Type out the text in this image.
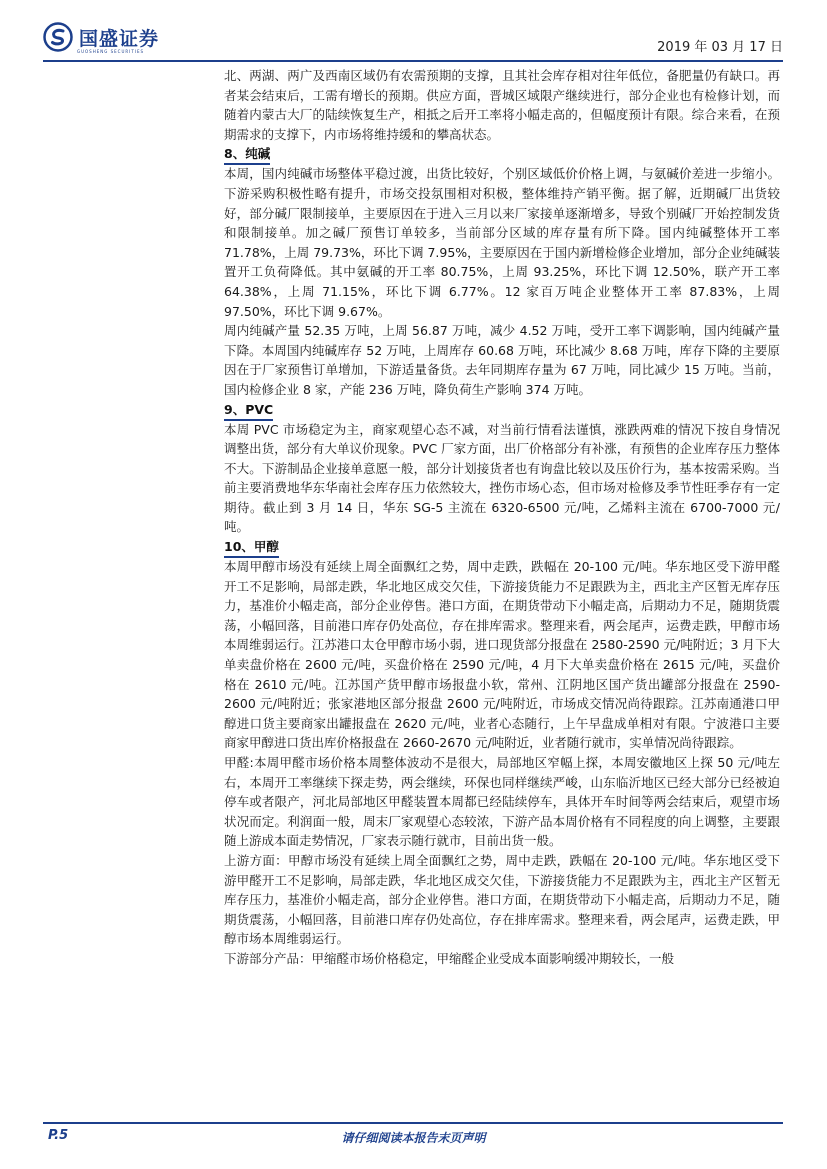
国盛证券
GUOSHENG SECURITIES	2019 年 03 月 17 日

北、两湖、两广及西南区域仍有农需预期的支撑，且其社会库存相对往年低位，备肥量仍有缺口。再者某会结束后，工需有增长的预期。供应方面，晋城区域限产继续进行，部分企业也有检修计划，而随着内蒙古大厂的陆续恢复生产，相抵之后开工率将小幅走高的，但幅度预计有限。综合来看，在预期需求的支撑下，内市场将维持缓和的攀高状态。

8、纯碱

本周，国内纯碱市场整体平稳过渡，出货比较好，个别区域低价价格上调，与氨碱价差进一步缩小。下游采购积极性略有提升，市场交投氛围相对积极，整体维持产销平衡。据了解，近期碱厂出货较好，部分碱厂限制接单，主要原因在于进入三月以来厂家接单逐渐增多，导致个别碱厂开始控制发货和限制接单。加之碱厂预售订单较多，当前部分区域的库存量有所下降。国内纯碱整体开工率 71.78%，上周 79.73%，环比下调 7.95%，主要原因在于国内新增检修企业增加，部分企业纯碱装置开工负荷降低。其中氨碱的开工率 80.75%，上周 93.25%，环比下调 12.50%，联产开工率 64.38%，上周 71.15%，环比下调 6.77%。12 家百万吨企业整体开工率 87.83%，上周 97.50%，环比下调 9.67%。

周内纯碱产量 52.35 万吨，上周 56.87 万吨，减少 4.52 万吨，受开工率下调影响，国内纯碱产量下降。本周国内纯碱库存 52 万吨，上周库存 60.68 万吨，环比减少 8.68 万吨，库存下降的主要原因在于厂家预售订单增加，下游适量备货。去年同期库存量为 67 万吨，同比减少 15 万吨。当前，国内检修企业 8 家，产能 236 万吨，降负荷生产影响 374 万吨。

9、PVC

本周 PVC 市场稳定为主，商家观望心态不减，对当前行情看法谨慎，涨跌两难的情况下按自身情况调整出货，部分有大单议价现象。PVC 厂家方面，出厂价格部分有补涨，有预售的企业库存压力整体不大。下游制品企业接单意愿一般，部分计划接货者也有询盘比较以及压价行为，基本按需采购。当前主要消费地华东华南社会库存压力依然较大，挫伤市场心态，但市场对检修及季节性旺季存有一定期待。截止到 3 月 14 日，华东 SG-5 主流在 6320-6500 元/吨，乙烯料主流在 6700-7000 元/吨。

10、甲醇

本周甲醇市场没有延续上周全面飘红之势，周中走跌，跌幅在 20-100 元/吨。华东地区受下游甲醛开工不足影响，局部走跌，华北地区成交欠佳，下游接货能力不足跟跌为主，西北主产区暂无库存压力，基准价小幅走高，部分企业停售。港口方面，在期货带动下小幅走高，后期动力不足，随期货震荡，小幅回落，目前港口库存仍处高位，存在排库需求。整理来看，两会尾声，运费走跌，甲醇市场本周维弱运行。江苏港口太仓甲醇市场小弱，进口现货部分报盘在 2580-2590 元/吨附近；3 月下大单卖盘价格在 2600 元/吨，买盘价格在 2590 元/吨，4 月下大单卖盘价格在 2615 元/吨，买盘价格在 2610 元/吨。江苏国产货甲醇市场报盘小软，常州、江阴地区国产货出罐部分报盘在 2590-2600 元/吨附近；张家港地区部分报盘 2600 元/吨附近，市场成交情况尚待跟踪。江苏南通港口甲醇进口货主要商家出罐报盘在 2620 元/吨，业者心态随行，上午早盘成单相对有限。宁波港口主要商家甲醇进口货出库价格报盘在 2660-2670 元/吨附近，业者随行就市，实单情况尚待跟踪。

甲醛:本周甲醛市场价格本周整体波动不是很大，局部地区窄幅上探，本周安徽地区上探 50 元/吨左右，本周开工率继续下探走势，两会继续，环保也同样继续严峻，山东临沂地区已经大部分已经被迫停车或者限产，河北局部地区甲醛装置本周都已经陆续停车，具体开车时间等两会结束后，观望市场状况而定。利润面一般，周末厂家观望心态较浓，下游产品本周价格有不同程度的向上调整，主要跟随上游成本面走势情况，厂家表示随行就市，目前出货一般。

上游方面：甲醇市场没有延续上周全面飘红之势，周中走跌，跌幅在 20-100 元/吨。华东地区受下游甲醛开工不足影响，局部走跌，华北地区成交欠佳，下游接货能力不足跟跌为主，西北主产区暂无库存压力，基准价小幅走高，部分企业停售。港口方面，在期货带动下小幅走高，后期动力不足，随期货震荡，小幅回落，目前港口库存仍处高位，存在排库需求。整理来看，两会尾声，运费走跌，甲醇市场本周维弱运行。

下游部分产品：甲缩醛市场价格稳定，甲缩醛企业受成本面影响缓冲期较长，一般

P.5	请仔细阅读本报告末页声明
